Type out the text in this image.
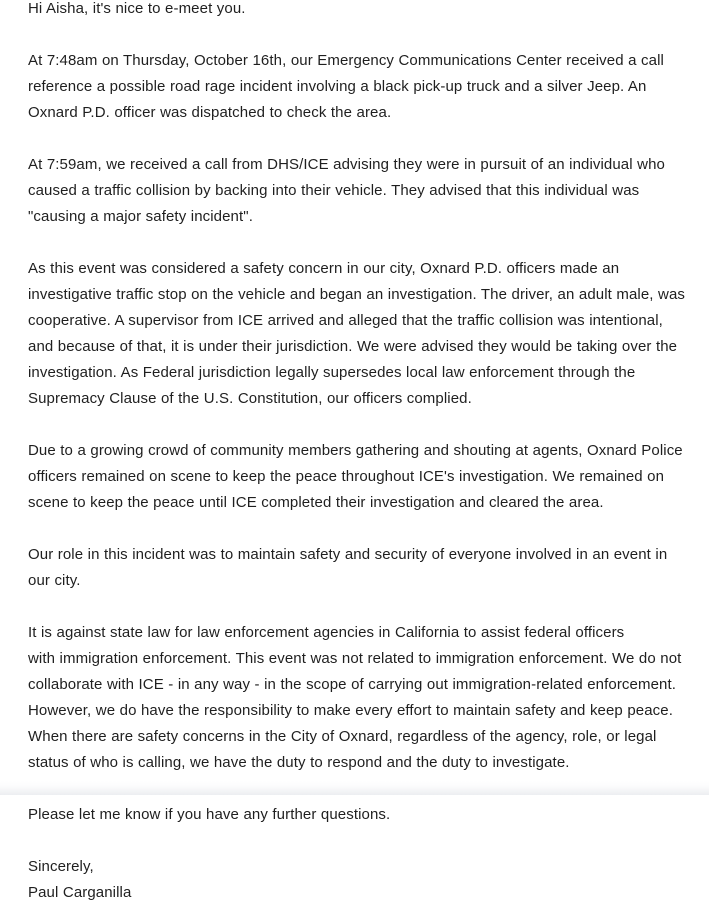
Hi Aisha, it's nice to e-meet you.

At 7:48am on Thursday, October 16th, our Emergency Communications Center received a call reference a possible road rage incident involving a black pick-up truck and a silver Jeep. An Oxnard P.D. officer was dispatched to check the area.

At 7:59am, we received a call from DHS/ICE advising they were in pursuit of an individual who caused a traffic collision by backing into their vehicle. They advised that this individual was "causing a major safety incident".

As this event was considered a safety concern in our city, Oxnard P.D. officers made an investigative traffic stop on the vehicle and began an investigation. The driver, an adult male, was cooperative. A supervisor from ICE arrived and alleged that the traffic collision was intentional, and because of that, it is under their jurisdiction. We were advised they would be taking over the investigation. As Federal jurisdiction legally supersedes local law enforcement through the Supremacy Clause of the U.S. Constitution, our officers complied.

Due to a growing crowd of community members gathering and shouting at agents, Oxnard Police officers remained on scene to keep the peace throughout ICE's investigation. We remained on scene to keep the peace until ICE completed their investigation and cleared the area.

Our role in this incident was to maintain safety and security of everyone involved in an event in our city.

It is against state law for law enforcement agencies in California to assist federal officers
with immigration enforcement. This event was not related to immigration enforcement. We do not
collaborate with ICE - in any way - in the scope of carrying out immigration-related enforcement.
However, we do have the responsibility to make every effort to maintain safety and keep peace.
When there are safety concerns in the City of Oxnard, regardless of the agency, role, or legal
status of who is calling, we have the duty to respond and the duty to investigate.

Please let me know if you have any further questions.

Sincerely,
Paul Carganilla
